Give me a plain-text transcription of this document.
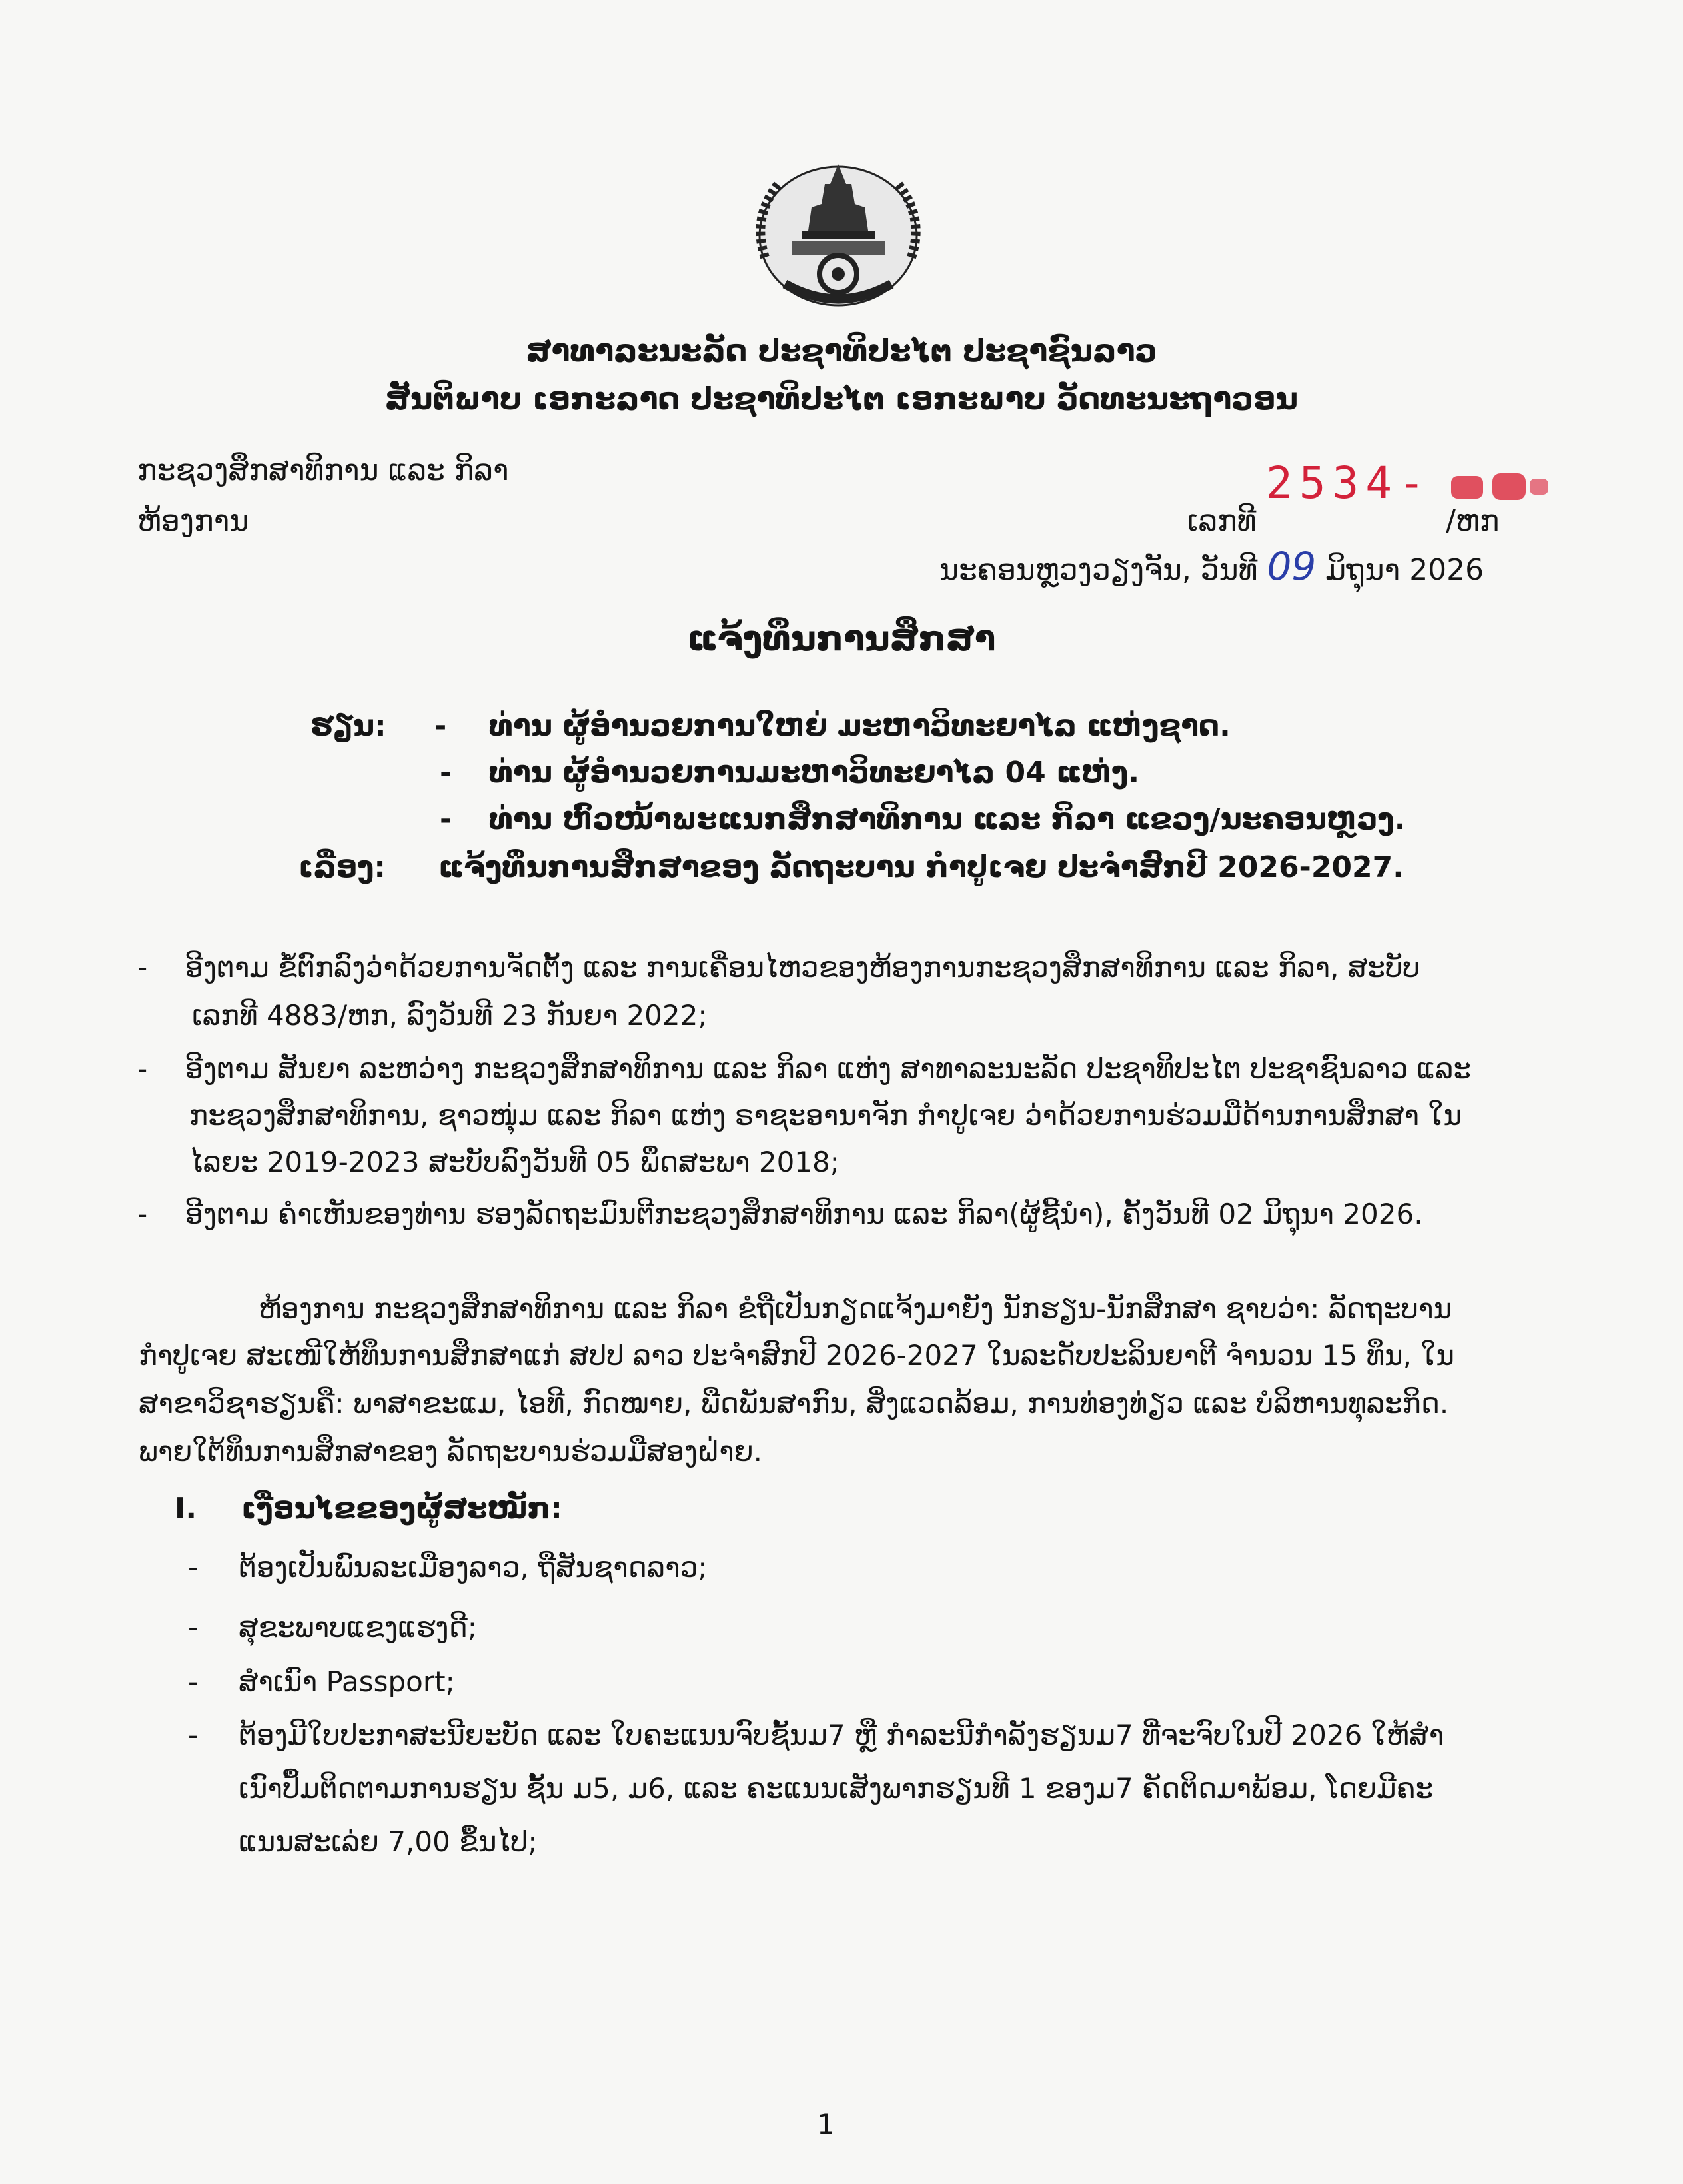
ສາທາລະນະລັດ ປະຊາທິປະໄຕ ປະຊາຊົນລາວ
ສັນຕິພາບ ເອກະລາດ ປະຊາທິປະໄຕ ເອກະພາບ ວັດທະນະຖາວອນ
ກະຊວງສຶກສາທິການ ແລະ ກິລາ
ຫ້ອງການ	ເລກທີ
2534-
/ຫກ
ນະຄອນຫຼວງວຽງຈັນ, ວັນທີ 09 ມິຖຸນາ 2026
ແຈ້ງທຶນການສຶກສາ
ຮຽນ: - ທ່ານ ຜູ້ອໍານວຍການໃຫຍ່ ມະຫາວິທະຍາໄລ ແຫ່ງຊາດ.
- ທ່ານ ຜູ້ອໍານວຍການມະຫາວິທະຍາໄລ 04 ແຫ່ງ.
- ທ່ານ ຫົວໜ້າພະແນກສຶກສາທິການ ແລະ ກິລາ ແຂວງ/ນະຄອນຫຼວງ.
ເລື່ອງ: ແຈ້ງທຶນການສຶກສາຂອງ ລັດຖະບານ ກໍາປູເຈຍ ປະຈໍາສົກປີ 2026-2027.
- ອີງຕາມ ຂໍ້ຕົກລົງວ່າດ້ວຍການຈັດຕັ້ງ ແລະ ການເຄື່ອນໄຫວຂອງຫ້ອງການກະຊວງສຶກສາທິການ ແລະ ກິລາ, ສະບັບ
ເລກທີ 4883/ຫກ, ລົງວັນທີ 23 ກັນຍາ 2022;
- ອີງຕາມ ສັນຍາ ລະຫວ່າງ ກະຊວງສຶກສາທິການ ແລະ ກິລາ ແຫ່ງ ສາທາລະນະລັດ ປະຊາທິປະໄຕ ປະຊາຊົນລາວ ແລະ
ກະຊວງສຶກສາທິການ, ຊາວໜຸ່ມ ແລະ ກິລາ ແຫ່ງ ຣາຊະອານາຈັກ ກໍາປູເຈຍ ວ່າດ້ວຍການຮ່ວມມືດ້ານການສຶກສາ ໃນ
ໄລຍະ 2019-2023 ສະບັບລົງວັນທີ 05 ພຶດສະພາ 2018;
- ອີງຕາມ ຄໍາເຫັນຂອງທ່ານ ຮອງລັດຖະມົນຕີກະຊວງສຶກສາທິການ ແລະ ກິລາ(ຜູ້ຊີ້ນໍາ), ຄັ້ງວັນທີ 02 ມິຖຸນາ 2026.
ຫ້ອງການ ກະຊວງສຶກສາທິການ ແລະ ກິລາ ຂໍຖືເປັນກຽດແຈ້ງມາຍັງ ນັກຮຽນ-ນັກສຶກສາ ຊາບວ່າ: ລັດຖະບານ
ກໍາປູເຈຍ ສະເໜີໃຫ້ທຶນການສຶກສາແກ່ ສປປ ລາວ ປະຈໍາສົກປີ 2026-2027 ໃນລະດັບປະລິນຍາຕີ ຈໍານວນ 15 ທຶນ, ໃນ
ສາຂາວິຊາຮຽນຄື: ພາສາຂະແມ, ໄອທີ, ກົດໝາຍ, ພືດພັນສາກົນ, ສິ່ງແວດລ້ອມ, ການທ່ອງທ່ຽວ ແລະ ບໍລິຫານທຸລະກິດ.
ພາຍໃຕ້ທຶນການສຶກສາຂອງ ລັດຖະບານຮ່ວມມືສອງຝ່າຍ.
I. ເງື່ອນໄຂຂອງຜູ້ສະໝັກ:
- ຕ້ອງເປັນພົນລະເມືອງລາວ, ຖືສັນຊາດລາວ;
- ສຸຂະພາບແຂງແຮງດີ;
- ສໍາເນົາ Passport;
- ຕ້ອງມີໃບປະກາສະນີຍະບັດ ແລະ ໃບຄະແນນຈົບຊັ້ນມ7 ຫຼື ກໍາລະນີກໍາລັງຮຽນມ7 ທີ່ຈະຈົບໃນປີ 2026 ໃຫ້ສໍາ
ເນົາປຶ້ມຕິດຕາມການຮຽນ ຊັ້ນ ມ5, ມ6, ແລະ ຄະແນນເສັງພາກຮຽນທີ 1 ຂອງມ7 ຄັດຕິດມາພ້ອມ, ໂດຍມີຄະ
ແນນສະເລ່ຍ 7,00 ຂຶ້ນໄປ;
1
